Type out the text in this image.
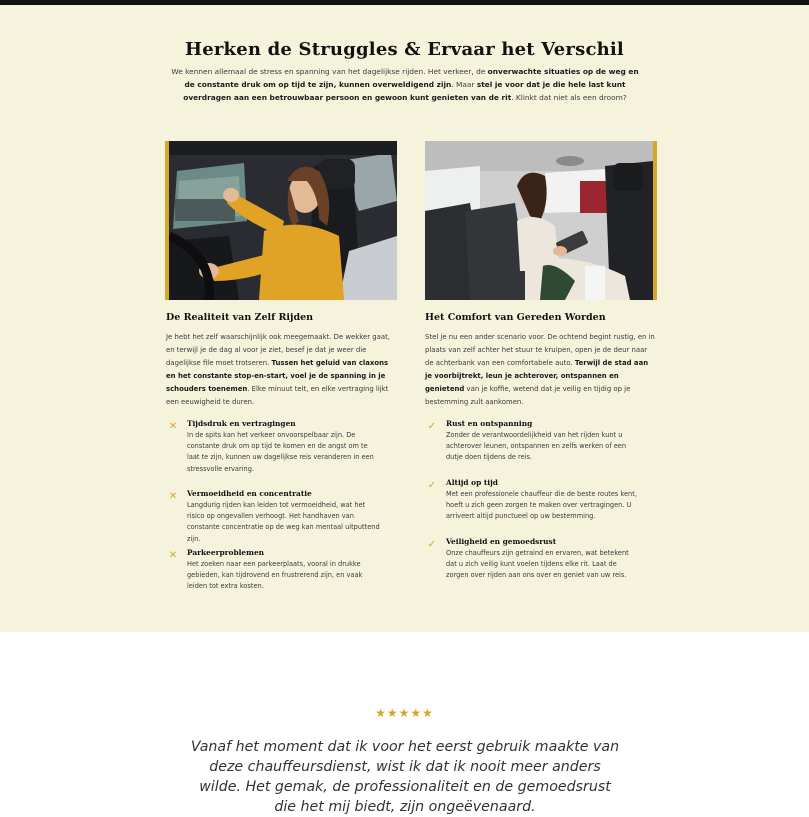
Herken de Struggles & Ervaar het Verschil
We kennen allemaal de stress en spanning van het dagelijkse rijden. Het verkeer, de onverwachte situaties op de weg en de constante druk om op tijd te zijn, kunnen overweldigend zijn. Maar stel je voor dat je die hele last kunt overdragen aan een betrouwbaar persoon en gewoon kunt genieten van de rit. Klinkt dat niet als een droom?
De Realiteit van Zelf Rijden
Je hebt het zelf waarschijnlijk ook meegemaakt. De wekker gaat, en terwijl je de dag al voor je ziet, besef je dat je weer die dagelijkse file moet trotseren. Tussen het geluid van claxons en het constante stop-en-start, voel je de spanning in je schouders toenemen. Elke minuut telt, en elke vertraging lijkt een eeuwigheid te duren.
✕	Tijdsdruk en vertragingen
In de spits kan het verkeer onvoorspelbaar zijn. De constante druk om op tijd te komen en de angst om te laat te zijn, kunnen uw dagelijkse reis veranderen in een stressvolle ervaring.
✕	Vermoeidheid en concentratie
Langdurig rijden kan leiden tot vermoeidheid, wat het risico op ongevallen verhoogt. Het handhaven van constante concentratie op de weg kan mentaal uitputtend zijn.
✕	Parkeerproblemen
Het zoeken naar een parkeerplaats, vooral in drukke gebieden, kan tijdrovend en frustrerend zijn, en vaak leiden tot extra kosten.
Het Comfort van Gereden Worden
Stel je nu een ander scenario voor. De ochtend begint rustig, en in plaats van zelf achter het stuur te kruipen, open je de deur naar de achterbank van een comfortabele auto. Terwijl de stad aan je voorbijtrekt, leun je achterover, ontspannen en genietend van je koffie, wetend dat je veilig en tijdig op je bestemming zult aankomen.
✓	Rust en ontspanning
Zonder de verantwoordelijkheid van het rijden kunt u achterover leunen, ontspannen en zelfs werken of een dutje doen tijdens de reis.
✓	Altijd op tijd
Met een professionele chauffeur die de beste routes kent, hoeft u zich geen zorgen te maken over vertragingen. U arriveert altijd punctueel op uw bestemming.
✓	Veiligheid en gemoedsrust
Onze chauffeurs zijn getraind en ervaren, wat betekent dat u zich veilig kunt voelen tijdens elke rit. Laat de zorgen over rijden aan ons over en geniet van uw reis.
★★★★★
Vanaf het moment dat ik voor het eerst gebruik maakte van deze chauffeursdienst, wist ik dat ik nooit meer anders wilde. Het gemak, de professionaliteit en de gemoedsrust die het mij biedt, zijn ongeëvenaard.
